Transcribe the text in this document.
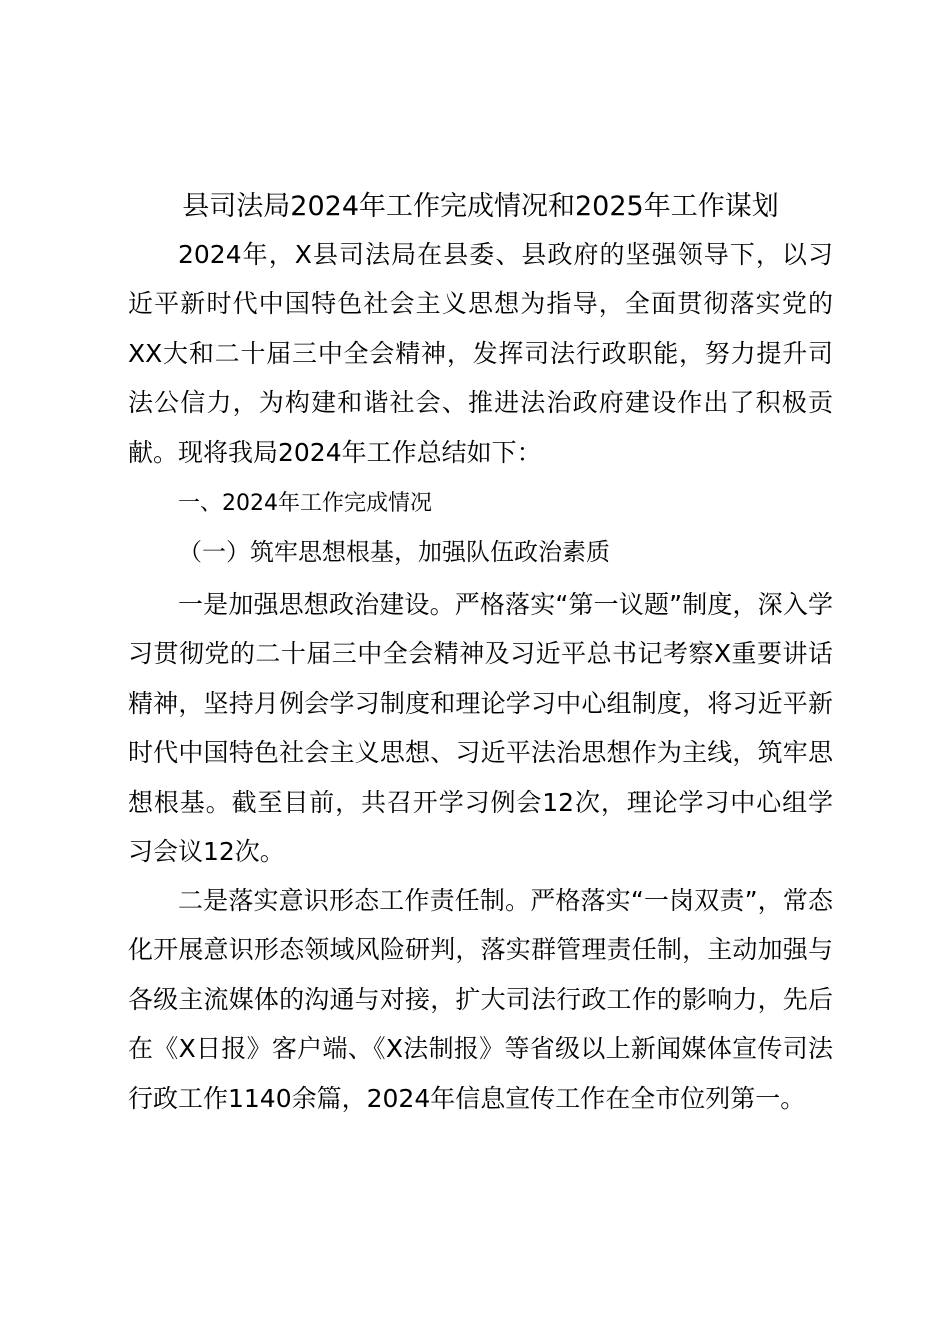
县司法局2024年工作完成情况和2025年工作谋划

2024年，X县司法局在县委、县政府的坚强领导下，以习近平新时代中国特色社会主义思想为指导，全面贯彻落实党的XX大和二十届三中全会精神，发挥司法行政职能，努力提升司法公信力，为构建和谐社会、推进法治政府建设作出了积极贡献。现将我局2024年工作总结如下：

一、2024年工作完成情况
（一）筑牢思想根基，加强队伍政治素质

一是加强思想政治建设。严格落实“第一议题”制度，深入学习贯彻党的二十届三中全会精神及习近平总书记考察X重要讲话精神，坚持月例会学习制度和理论学习中心组制度，将习近平新时代中国特色社会主义思想、习近平法治思想作为主线，筑牢思想根基。截至目前，共召开学习例会12次，理论学习中心组学习会议12次。

二是落实意识形态工作责任制。严格落实“一岗双责”，常态化开展意识形态领域风险研判，落实群管理责任制，主动加强与各级主流媒体的沟通与对接，扩大司法行政工作的影响力，先后在《X日报》客户端、《X法制报》等省级以上新闻媒体宣传司法行政工作1140余篇，2024年信息宣传工作在全市位列第一。
